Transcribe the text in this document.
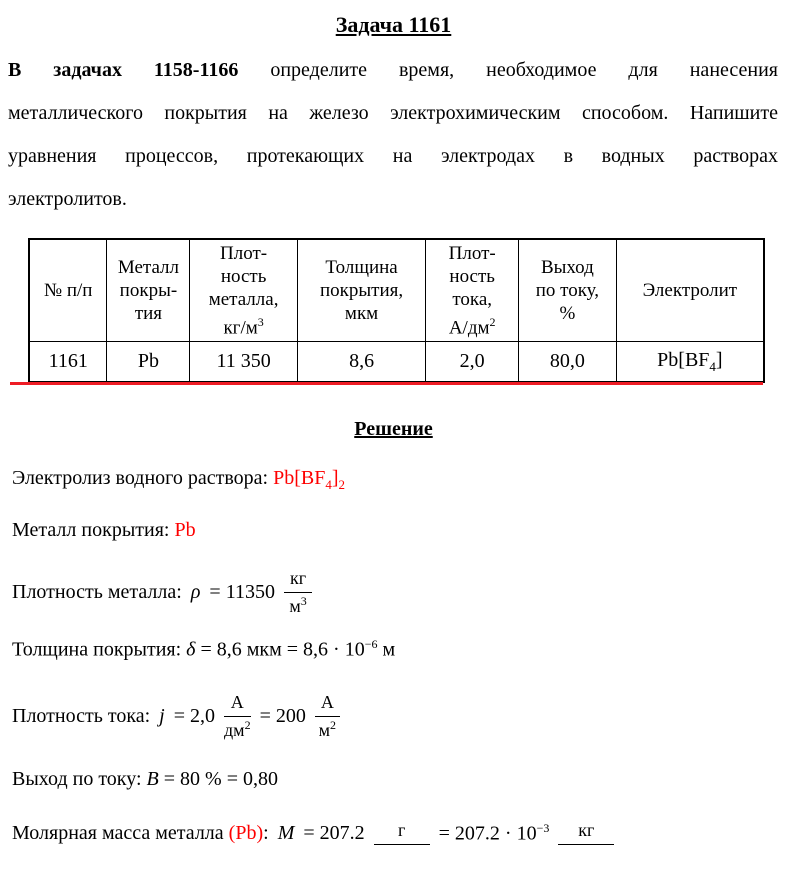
Задача 1161
В задачах 1158-1166 определите время, необходимое для нанесения
металлического покрытия на железо электрохимическим способом. Напишите
уравнения процессов, протекающих на электродах в водных растворах
электролитов.
№ п/п	Металл
покры-
тия	Плот-
ность
металла,
$кг/м^3$	Толщина
покрытия,
мкм	Плот-
ность
тока,
$А/дм^2$	Выход
по току,
%	Электролит
1161	Pb	11 350	8,6	2,0	80,0	$Pb[BF_4]$
Решение
Электролиз водного раствора: $Pb[BF_4]_2$
Металл покрытия: Pb
Плотность металла: $\rho = 11350 \frac{кг}{м^3}$
Толщина покрытия: δ = 8,6 мкм = $8,6 \cdot 10^{-6}$ м
Плотность тока: $j = 2,0 \frac{А}{дм^2} = 200 \frac{А}{м^2}$
Выход по току: B = 80 % = 0,80
Молярная масса металла (Pb): M = 207.2	г	= $207.2 \cdot 10^{-3}$	кг
